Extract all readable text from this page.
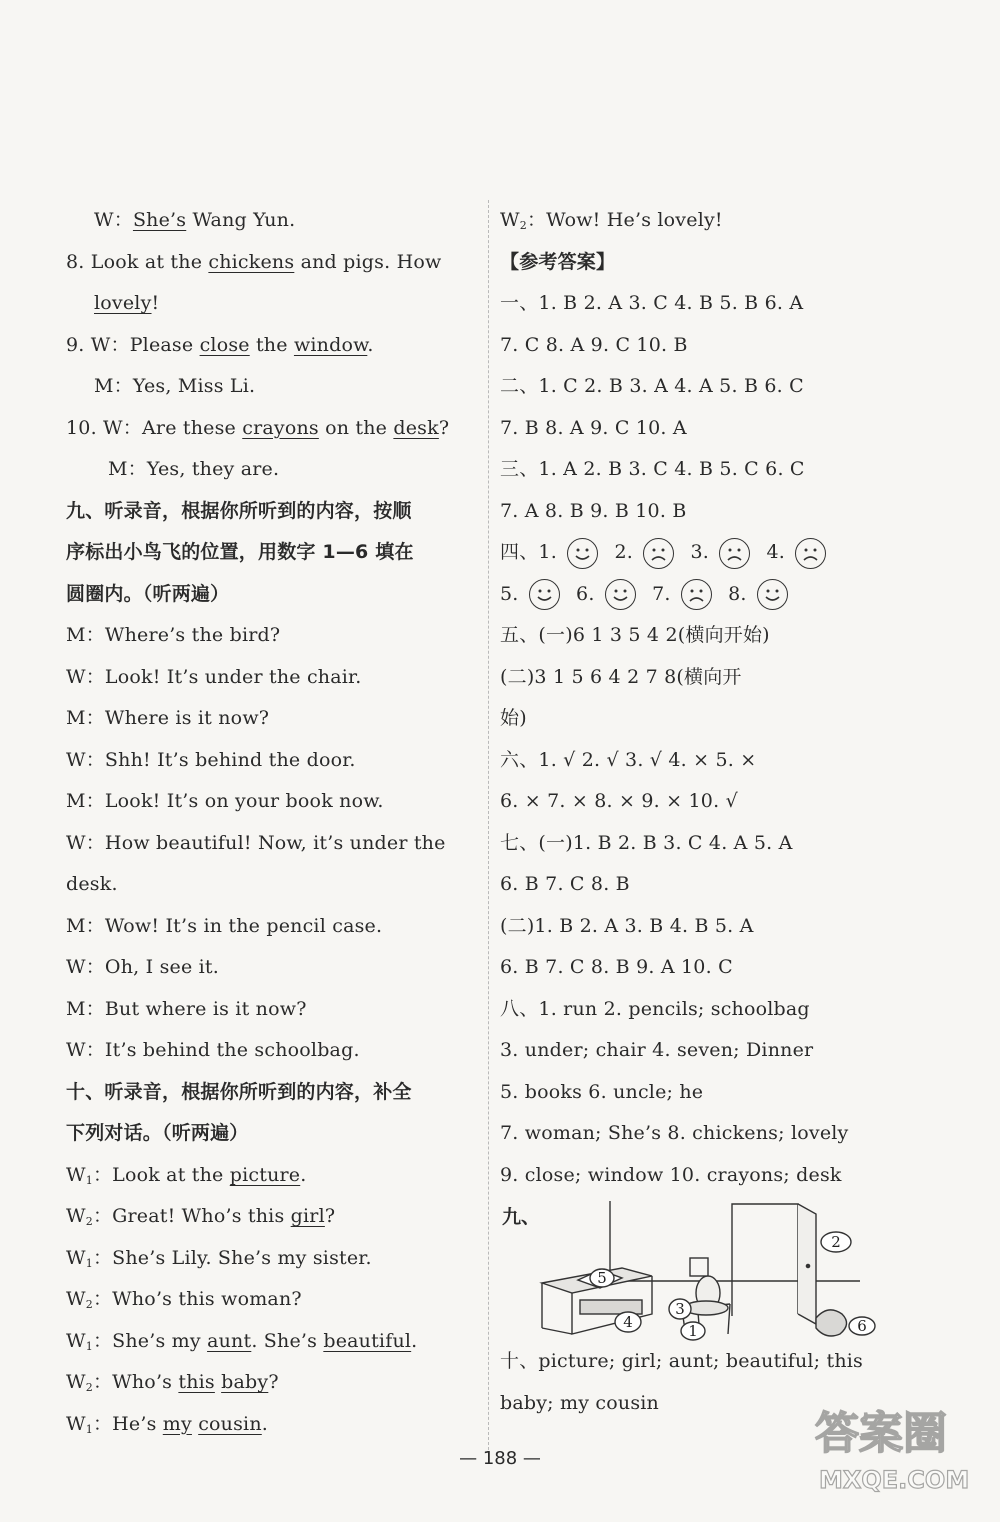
W：She’s Wang Yun.
8. Look at the chickens and pigs. How
lovely!
9. W：Please close the window.
M：Yes, Miss Li.
10. W：Are these crayons on the desk?
M：Yes, they are.
九、听录音，根据你所听到的内容，按顺
序标出小鸟飞的位置，用数字 1—6 填在
圆圈内。（听两遍）
M：Where’s the bird?
W：Look! It’s under the chair.
M：Where is it now?
W：Shh! It’s behind the door.
M：Look! It’s on your book now.
W：How beautiful! Now, it’s under the
desk.
M：Wow! It’s in the pencil case.
W：Oh, I see it.
M：But where is it now?
W：It’s behind the schoolbag.
十、听录音，根据你所听到的内容，补全
下列对话。（听两遍）
$W_1$：Look at the picture.
$W_2$：Great! Who’s this girl?
$W_1$：She’s Lily. She’s my sister.
$W_2$：Who’s this woman?
$W_1$：She’s my aunt. She’s beautiful.
$W_2$：Who’s this baby?
$W_1$：He’s my cousin.
$W_2$：Wow! He’s lovely!
【参考答案】
一、1. B 2. A 3. C 4. B 5. B 6. A
7. C 8. A 9. C 10. B
二、1. C 2. B 3. A 4. A 5. B 6. C
7. B 8. A 9. C 10. A
三、1. A 2. B 3. C 4. B 5. C 6. C
7. A 8. B 9. B 10. B
四、1.	2.	3.	4.
5.	6.	7.	8.
五、(一)6 1 3 5 4 2(横向开始)
(二)3 1 5 6 4 2 7 8(横向开
始)
六、1. √ 2. √ 3. √ 4. × 5. ×
6. × 7. × 8. × 9. × 10. √
七、(一)1. B 2. B 3. C 4. A 5. A
6. B 7. C 8. B
(二)1. B 2. A 3. B 4. B 5. A
6. B 7. C 8. B 9. A 10. C
八、1. run 2. pencils; schoolbag
3. under; chair 4. seven; Dinner
5. books 6. uncle; he
7. woman; She’s 8. chickens; lovely
9. close; window 10. crayons; desk
九、
5
2
3
4	1	6
十、picture; girl; aunt; beautiful; this
baby; my cousin
— 188 —	答案圈
MXQE.COM
